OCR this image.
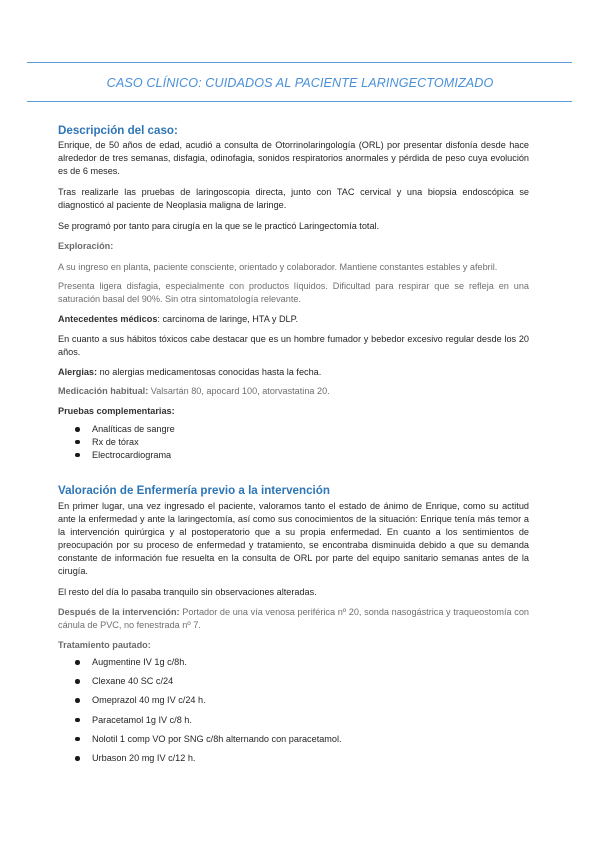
CASO CLÍNICO: CUIDADOS AL PACIENTE LARINGECTOMIZADO
Descripción del caso:

Enrique, de 50 años de edad, acudió a consulta de Otorrinolaringología (ORL) por presentar disfonía desde hace alrededor de tres semanas, disfagia, odinofagia, sonidos respiratorios anormales y pérdida de peso cuya evolución es de 6 meses.

Tras realizarle las pruebas de laringoscopia directa, junto con TAC cervical y una biopsia endoscópica se diagnosticó al paciente de Neoplasia maligna de laringe.

Se programó por tanto para cirugía en la que se le practicó Laringectomía total.

Exploración:

A su ingreso en planta, paciente consciente, orientado y colaborador. Mantiene constantes estables y afebril.

Presenta ligera disfagia, especialmente con productos líquidos. Dificultad para respirar que se refleja en una saturación basal del 90%. Sin otra sintomatología relevante.

Antecedentes médicos: carcinoma de laringe, HTA y DLP.

En cuanto a sus hábitos tóxicos cabe destacar que es un hombre fumador y bebedor excesivo regular desde los 20 años.

Alergias: no alergias medicamentosas conocidas hasta la fecha.

Medicación habitual: Valsartán 80, apocard 100, atorvastatina 20.

Pruebas complementarias:

Analíticas de sangre
Rx de tórax
Electrocardiograma
Valoración de Enfermería previo a la intervención

En primer lugar, una vez ingresado el paciente, valoramos tanto el estado de ánimo de Enrique, como su actitud ante la enfermedad y ante la laringectomía, así como sus conocimientos de la situación: Enrique tenía más temor a la intervención quirúrgica y al postoperatorio que a su propia enfermedad. En cuanto a los sentimientos de preocupación por su proceso de enfermedad y tratamiento, se encontraba disminuida debido a que su demanda constante de información fue resuelta en la consulta de ORL por parte del equipo sanitario semanas antes de la cirugía.

El resto del día lo pasaba tranquilo sin observaciones alteradas.

Después de la intervención: Portador de una vía venosa periférica nº 20, sonda nasogástrica y traqueostomía con cánula de PVC, no fenestrada nº 7.

Tratamiento pautado:

Augmentine IV 1g c/8h.
Clexane 40 SC c/24
Omeprazol 40 mg IV c/24 h.
Paracetamol 1g IV c/8 h.
Nolotil 1 comp VO por SNG c/8h alternando con paracetamol.
Urbason 20 mg IV c/12 h.
